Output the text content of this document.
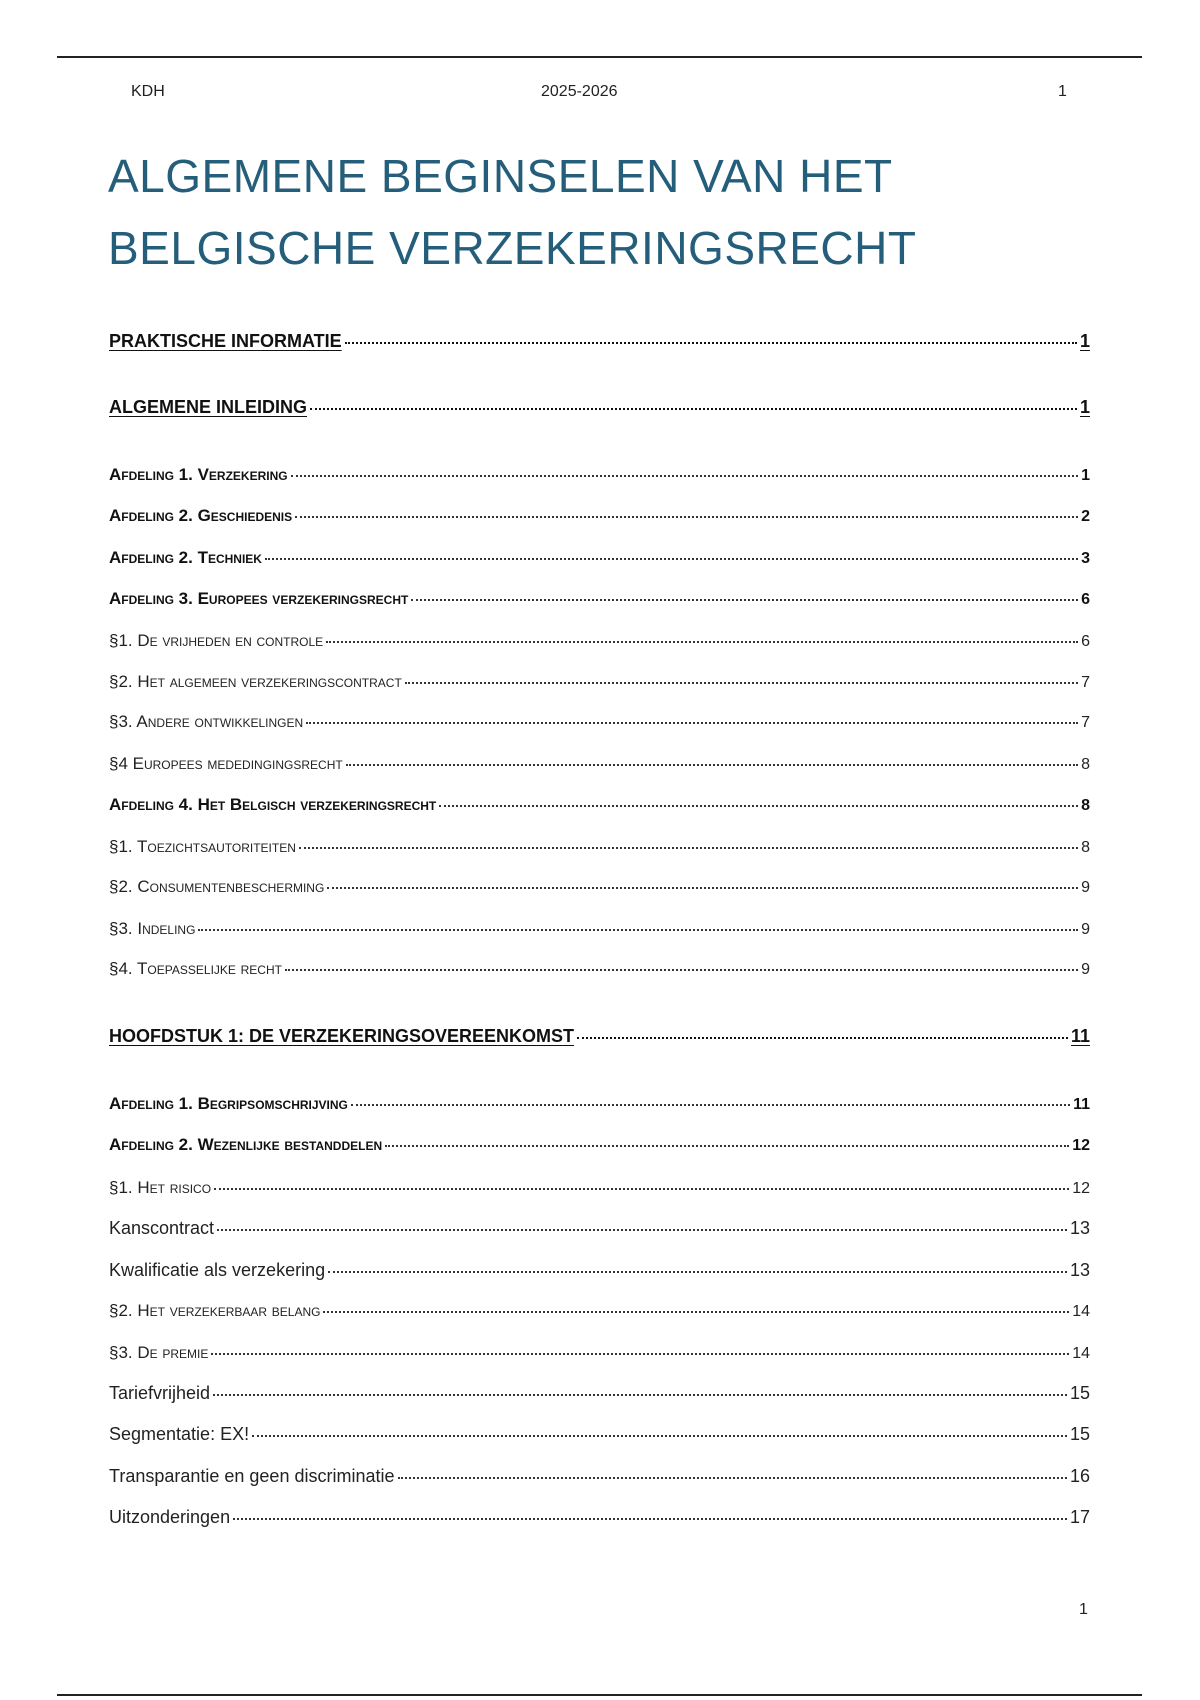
KDH	2025-2026	1
ALGEMENE BEGINSELEN VAN HET
BELGISCHE VERZEKERINGSRECHT
PRAKTISCHE INFORMATIE	1
ALGEMENE INLEIDING	1
Afdeling 1. Verzekering	1
Afdeling 2. Geschiedenis	2
Afdeling 2. Techniek	3
Afdeling 3. Europees verzekeringsrecht	6
§1. De vrijheden en controle	6
§2. Het algemeen verzekeringscontract	7
§3. Andere ontwikkelingen	7
§4 Europees mededingingsrecht	8
Afdeling 4. Het Belgisch verzekeringsrecht	8
§1. Toezichtsautoriteiten	8
§2. Consumentenbescherming	9
§3. Indeling	9
§4. Toepasselijke recht	9
HOOFDSTUK 1: DE VERZEKERINGSOVEREENKOMST	11
Afdeling 1. Begripsomschrijving	11
Afdeling 2. Wezenlijke bestanddelen	12
§1. Het risico	12
Kanscontract	13
Kwalificatie als verzekering	13
§2. Het verzekerbaar belang	14
§3. De premie	14
Tariefvrijheid	15
Segmentatie: EX!	15
Transparantie en geen discriminatie	16
Uitzonderingen	17
1
